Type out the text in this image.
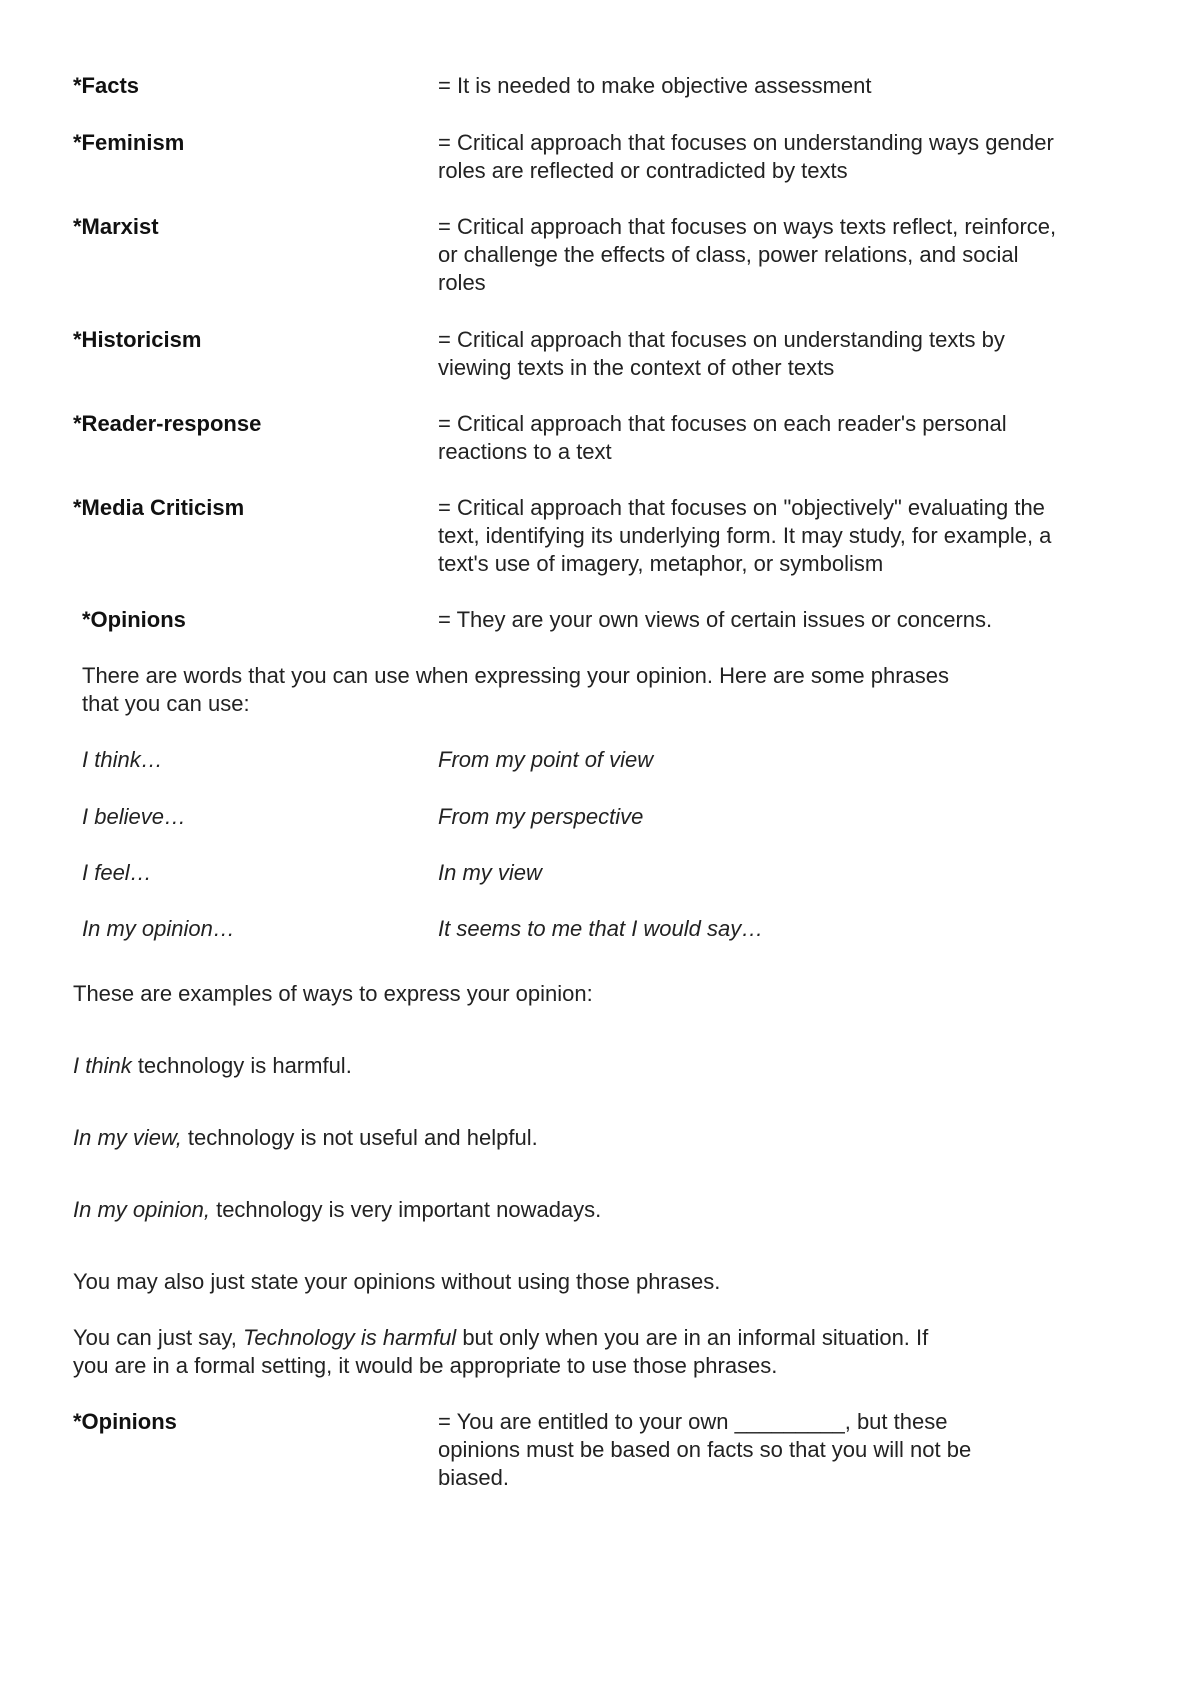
*Facts	= It is needed to make objective assessment
*Feminism	= Critical approach that focuses on understanding ways gender
roles are reflected or contradicted by texts
*Marxist	= Critical approach that focuses on ways texts reflect, reinforce,
or challenge the effects of class, power relations, and social
roles
*Historicism	= Critical approach that focuses on understanding texts by
viewing texts in the context of other texts
*Reader-response	= Critical approach that focuses on each reader's personal
reactions to a text
*Media Criticism	= Critical approach that focuses on "objectively" evaluating the
text, identifying its underlying form. It may study, for example, a
text's use of imagery, metaphor, or symbolism
*Opinions	= They are your own views of certain issues or concerns.
There are words that you can use when expressing your opinion. Here are some phrases
that you can use:
I think…	From my point of view
I believe…	From my perspective
I feel…	In my view
In my opinion…	It seems to me that I would say…
These are examples of ways to express your opinion:
I think technology is harmful.
In my view, technology is not useful and helpful.
In my opinion, technology is very important nowadays.
You may also just state your opinions without using those phrases.
You can just say, Technology is harmful but only when you are in an informal situation. If
you are in a formal setting, it would be appropriate to use those phrases.
*Opinions	= You are entitled to your own _________, but these
opinions must be based on facts so that you will not be
biased.
